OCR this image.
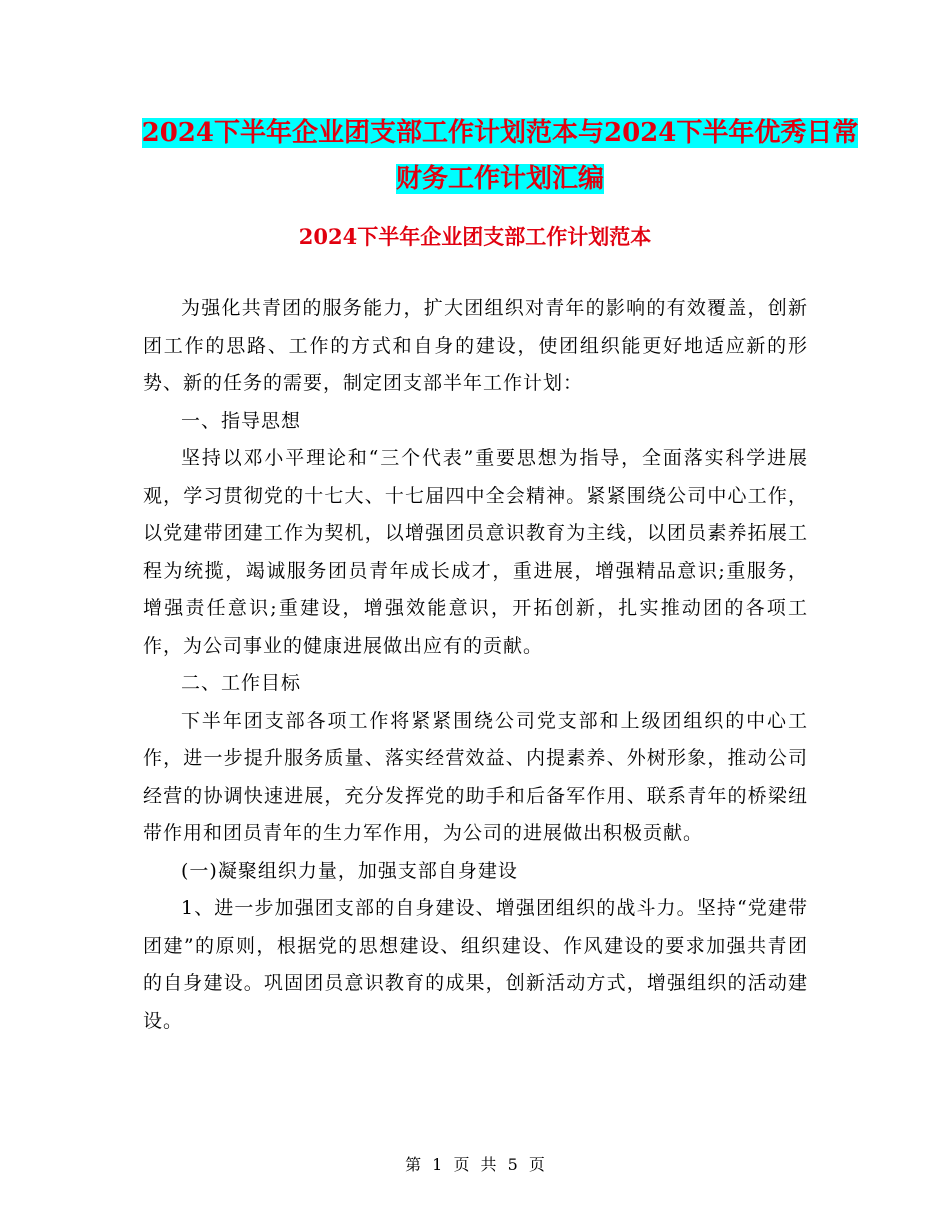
2024下半年企业团支部工作计划范本与2024下半年优秀日常财务工作计划汇编
2024下半年企业团支部工作计划范本

为强化共青团的服务能力，扩大团组织对青年的影响的有效覆盖，创新团工作的思路、工作的方式和自身的建设，使团组织能更好地适应新的形势、新的任务的需要，制定团支部半年工作计划：

一、指导思想

坚持以邓小平理论和“三个代表”重要思想为指导，全面落实科学进展观，学习贯彻党的十七大、十七届四中全会精神。紧紧围绕公司中心工作，以党建带团建工作为契机，以增强团员意识教育为主线，以团员素养拓展工程为统揽，竭诚服务团员青年成长成才，重进展，增强精品意识;重服务，增强责任意识;重建设，增强效能意识，开拓创新，扎实推动团的各项工作，为公司事业的健康进展做出应有的贡献。

二、工作目标

下半年团支部各项工作将紧紧围绕公司党支部和上级团组织的中心工作，进一步提升服务质量、落实经营效益、内提素养、外树形象，推动公司经营的协调快速进展，充分发挥党的助手和后备军作用、联系青年的桥梁纽带作用和团员青年的生力军作用，为公司的进展做出积极贡献。

(一)凝聚组织力量，加强支部自身建设

1、进一步加强团支部的自身建设、增强团组织的战斗力。坚持“党建带团建”的原则，根据党的思想建设、组织建设、作风建设的要求加强共青团的自身建设。巩固团员意识教育的成果，创新活动方式，增强组织的活动建设。

第 1 页 共 5 页
